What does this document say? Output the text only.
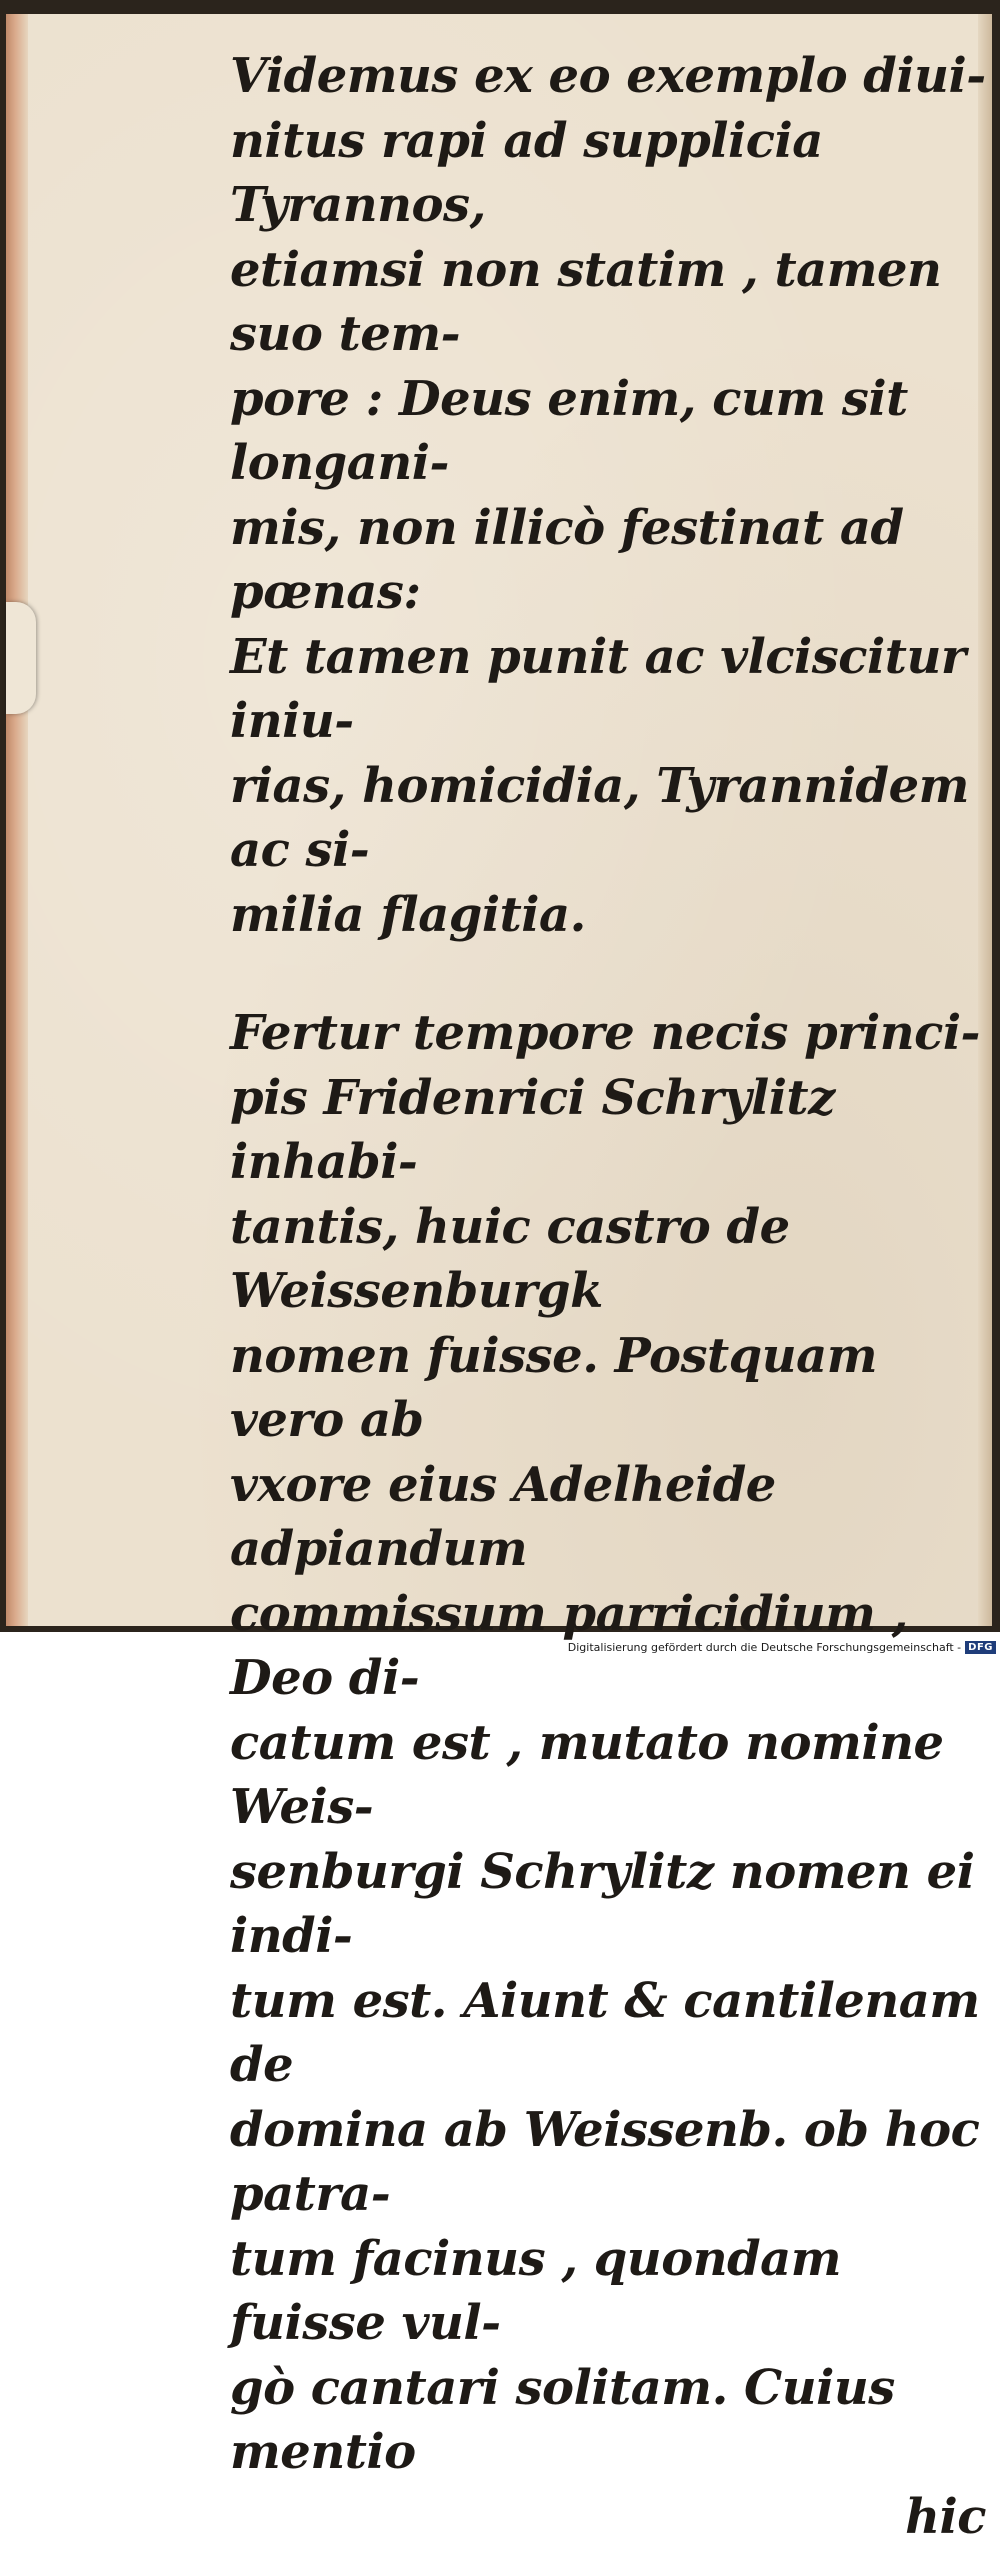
Videmus ex eo exemplo diui-
nitus rapi ad supplicia Tyrannos,
etiamsi non statim , tamen suo tem-
pore : Deus enim, cum sit longani-
mis, non illicò festinat ad pœnas:
Et tamen punit ac vlciscitur iniu-
rias, homicidia, Tyrannidem ac si-
milia flagitia.

Fertur tempore necis princi-
pis Fridenrici Schrylitz inhabi-
tantis, huic castro de Weissenburgk
nomen fuisse. Postquam vero ab
vxore eius Adelheide adpiandum
commissum parricidium , Deo di-
catum est , mutato nomine Weis-
senburgi Schrylitz nomen ei indi-
tum est. Aiunt & cantilenam de
domina ab Weissenb. ob hoc patra-
tum facinus , quondam fuisse vul-
gò cantari solitam. Cuius mentio

hic
Digitalisierung gefördert durch die Deutsche Forschungsgemeinschaft - DFG
